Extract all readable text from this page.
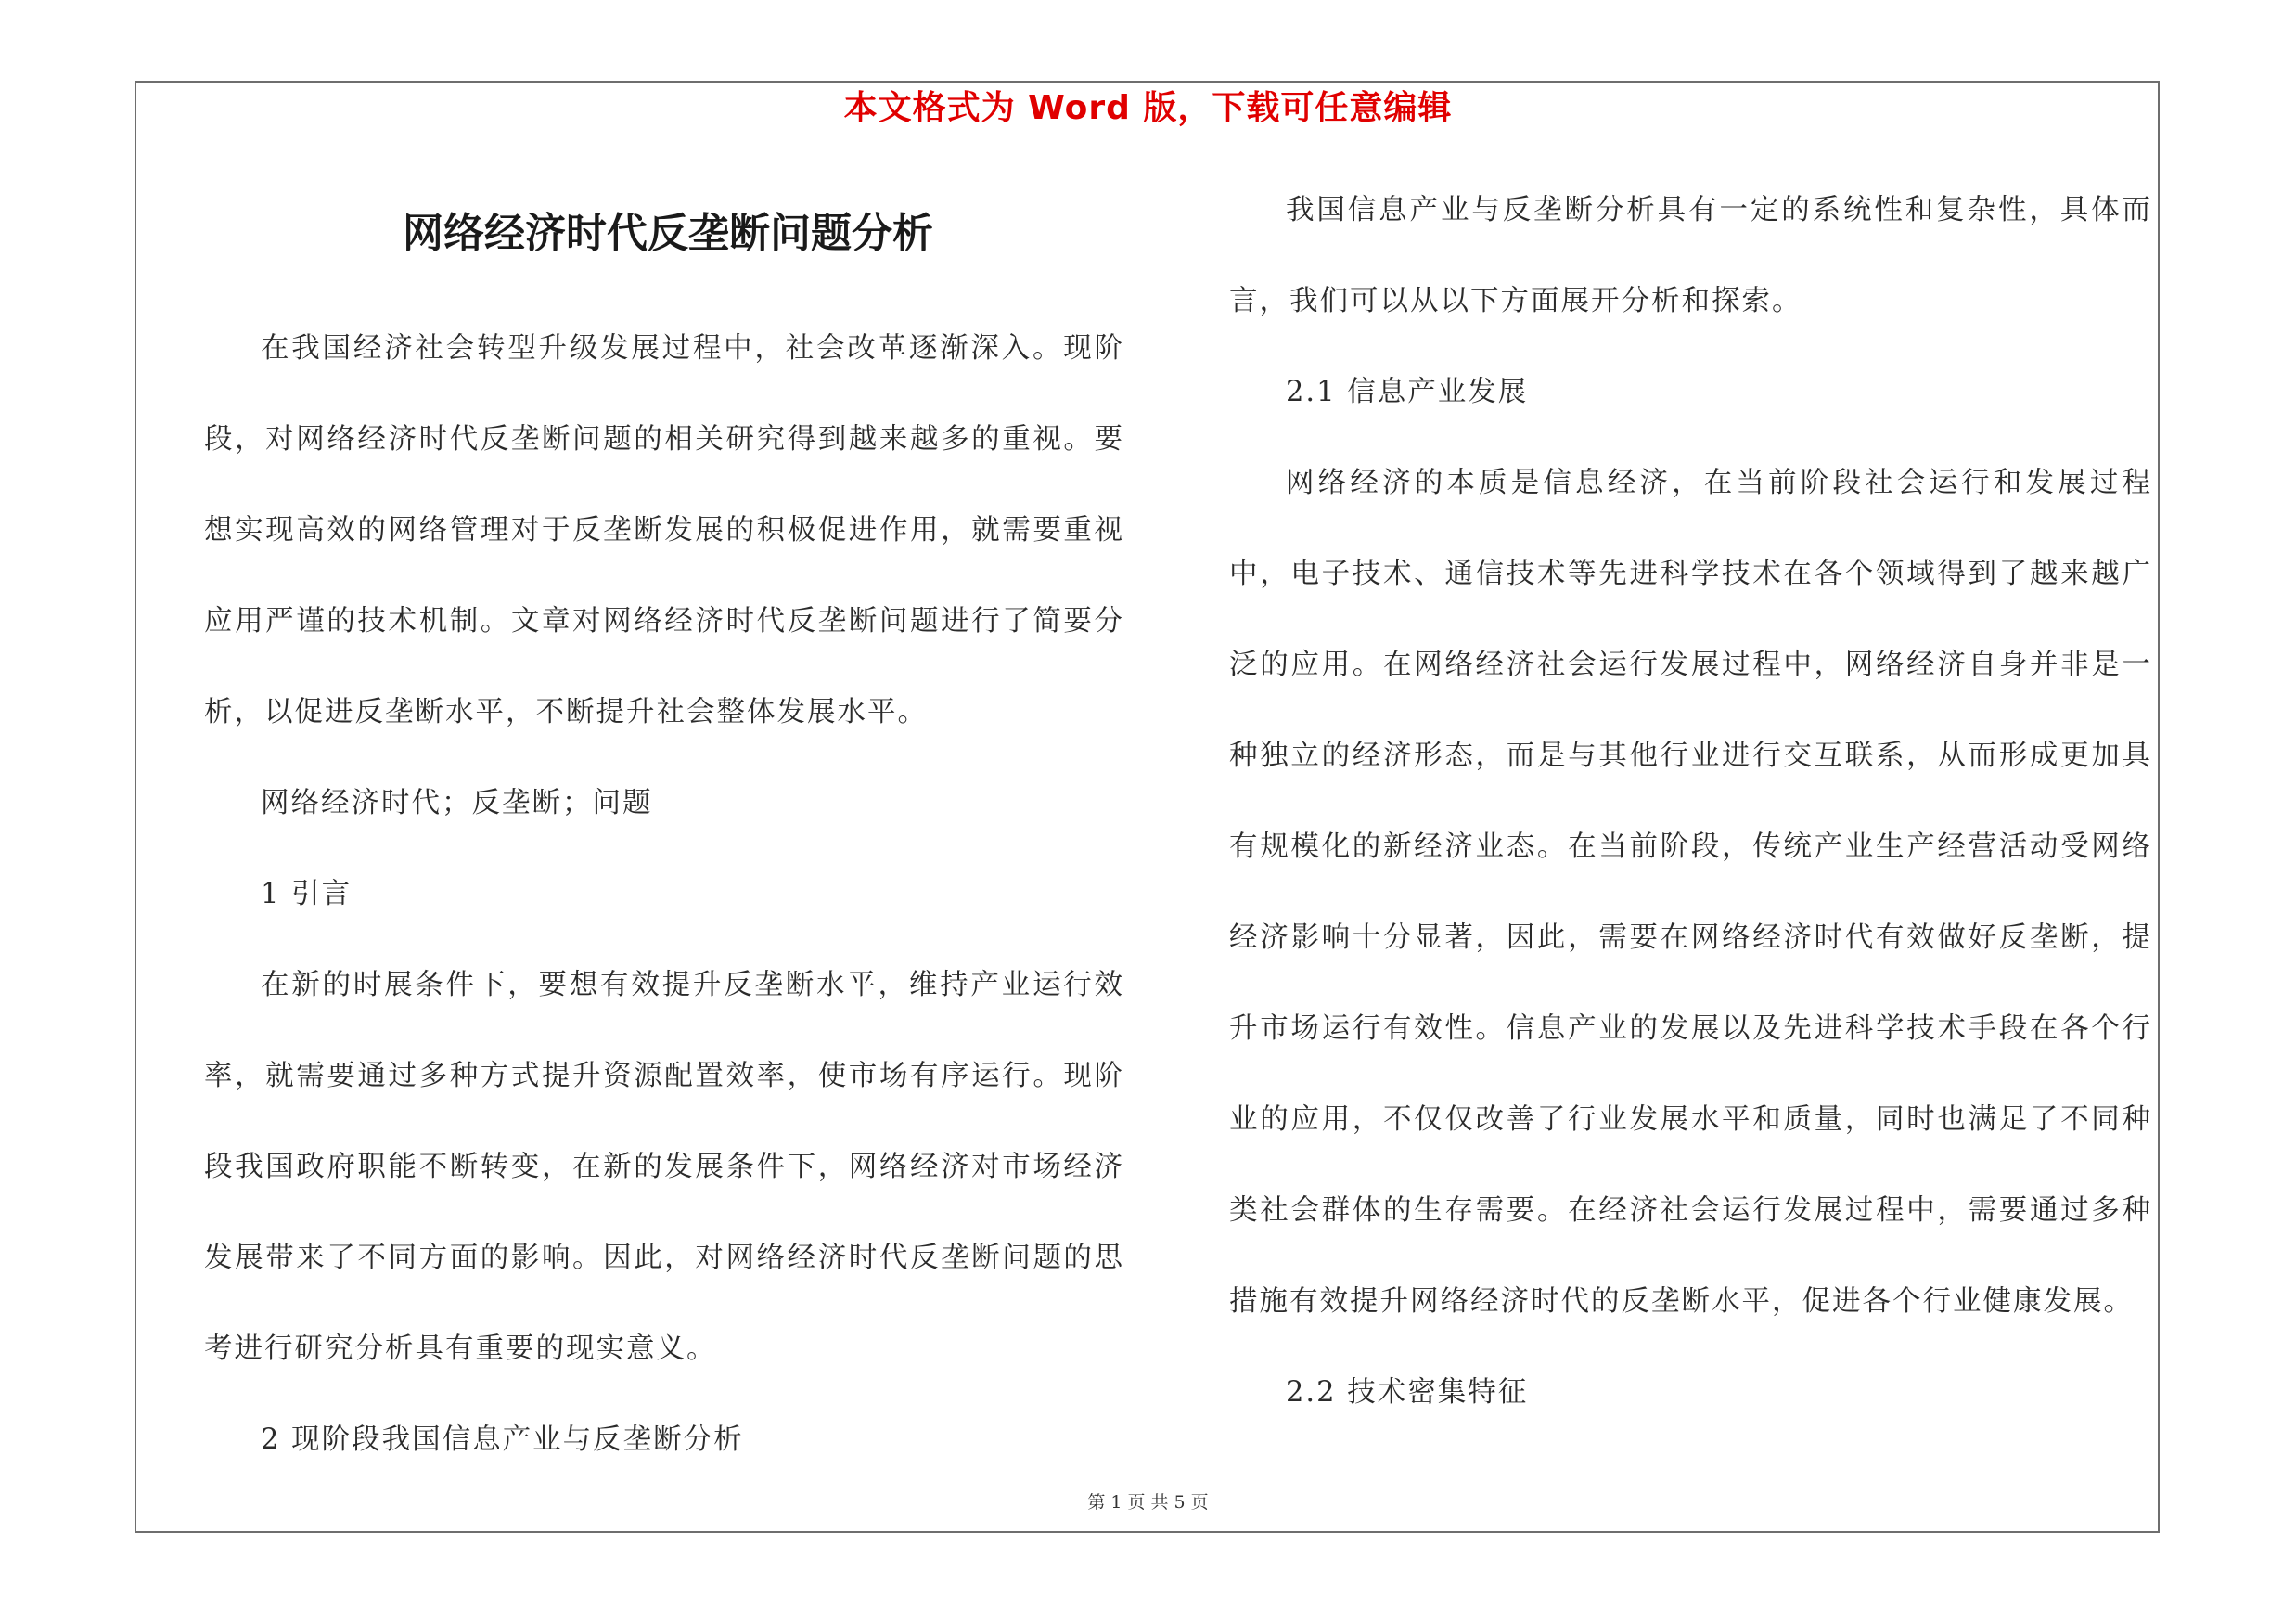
本文格式为 Word 版，下载可任意编辑
网络经济时代反垄断问题分析

在我国经济社会转型升级发展过程中，社会改革逐渐深入。现阶段，对网络经济时代反垄断问题的相关研究得到越来越多的重视。要想实现高效的网络管理对于反垄断发展的积极促进作用，就需要重视应用严谨的技术机制。文章对网络经济时代反垄断问题进行了简要分析，以促进反垄断水平，不断提升社会整体发展水平。

网络经济时代；反垄断；问题

1 引言

在新的时展条件下，要想有效提升反垄断水平，维持产业运行效率，就需要通过多种方式提升资源配置效率，使市场有序运行。现阶段我国政府职能不断转变，在新的发展条件下，网络经济对市场经济发展带来了不同方面的影响。因此，对网络经济时代反垄断问题的思考进行研究分析具有重要的现实意义。

2 现阶段我国信息产业与反垄断分析

我国信息产业与反垄断分析具有一定的系统性和复杂性，具体而言，我们可以从以下方面展开分析和探索。

2.1 信息产业发展

网络经济的本质是信息经济，在当前阶段社会运行和发展过程中，电子技术、通信技术等先进科学技术在各个领域得到了越来越广泛的应用。在网络经济社会运行发展过程中，网络经济自身并非是一种独立的经济形态，而是与其他行业进行交互联系，从而形成更加具有规模化的新经济业态。在当前阶段，传统产业生产经营活动受网络经济影响十分显著，因此，需要在网络经济时代有效做好反垄断，提升市场运行有效性。信息产业的发展以及先进科学技术手段在各个行业的应用，不仅仅改善了行业发展水平和质量，同时也满足了不同种类社会群体的生存需要。在经济社会运行发展过程中，需要通过多种措施有效提升网络经济时代的反垄断水平，促进各个行业健康发展。

2.2 技术密集特征

第 1 页 共 5 页
